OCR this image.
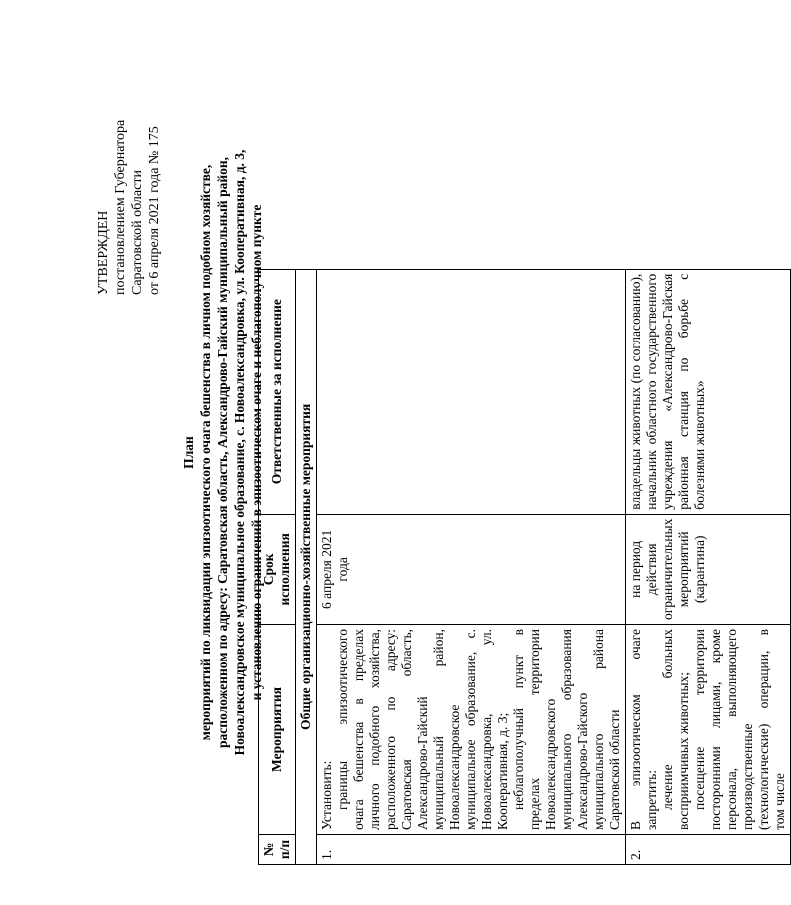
УТВЕРЖДЕН постановлением Губернатора Саратовской области от 6 апреля 2021 года № 175
План мероприятий по ликвидации эпизоотического очага бешенства в личном подобном хозяйстве, расположенном по адресу: Саратовская область, Александрово-Гайский муниципальный район, Новоалександровское муниципальное образование, с. Новоалександровка, ул. Кооперативная, д. 3, и установлению ограничений в эпизоотическом очаге и неблагополучном пункте
№ п/п	Мероприятия	Срок исполнения	Ответственные за исполнение
Общие организационно-хозяйственные мероприятия			
1.	Установить: границы эпизоотического очага бешенства в пределах личного подобного хозяйства, расположенного по адресу: Саратовская область, Александрово-Гайский муниципальный район, Новоалександровское муниципальное образование, с. Новоалександровка, ул. Кооперативная, д. 3; неблагополучный пункт в пределах территории Новоалександровского муниципального образования Александрово-Гайского муниципального района Саратовской области	6 апреля 2021 года	
2.	В эпизоотическом очаге запретить: лечение больных восприимчивых животных; посещение территории посторонними лицами, кроме персонала, выполняющего производственные (технологические) операции, в том числе	на период действия ограничительных мероприятий (карантина)	владельцы животных (по согласованию), начальник областного государственного учреждения «Александрово-Гайская районная станция по борьбе с болезнями животных»
